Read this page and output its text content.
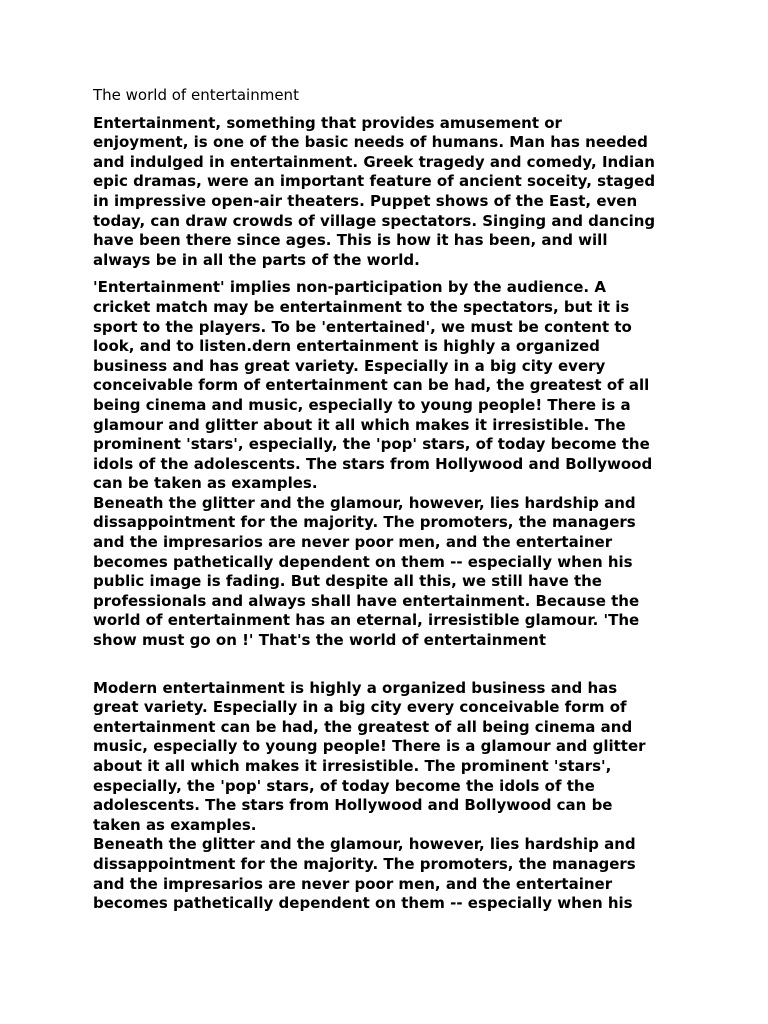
The world of entertainment

Entertainment, something that provides amusement or
enjoyment, is one of the basic needs of humans. Man has needed
and indulged in entertainment. Greek tragedy and comedy, Indian
epic dramas, were an important feature of ancient soceity, staged
in impressive open-air theaters. Puppet shows of the East, even
today, can draw crowds of village spectators. Singing and dancing
have been there since ages. This is how it has been, and will
always be in all the parts of the world.

'Entertainment' implies non-participation by the audience. A
cricket match may be entertainment to the spectators, but it is
sport to the players. To be 'entertained', we must be content to
look, and to listen.dern entertainment is highly a organized
business and has great variety. Especially in a big city every
conceivable form of entertainment can be had, the greatest of all
being cinema and music, especially to young people! There is a
glamour and glitter about it all which makes it irresistible. The
prominent 'stars', especially, the 'pop' stars, of today become the
idols of the adolescents. The stars from Hollywood and Bollywood
can be taken as examples.

Beneath the glitter and the glamour, however, lies hardship and
dissappointment for the majority. The promoters, the managers
and the impresarios are never poor men, and the entertainer
becomes pathetically dependent on them -- especially when his
public image is fading. But despite all this, we still have the
professionals and always shall have entertainment. Because the
world of entertainment has an eternal, irresistible glamour. 'The
show must go on !' That's the world of entertainment

Modern entertainment is highly a organized business and has
great variety. Especially in a big city every conceivable form of
entertainment can be had, the greatest of all being cinema and
music, especially to young people! There is a glamour and glitter
about it all which makes it irresistible. The prominent 'stars',
especially, the 'pop' stars, of today become the idols of the
adolescents. The stars from Hollywood and Bollywood can be
taken as examples.

Beneath the glitter and the glamour, however, lies hardship and
dissappointment for the majority. The promoters, the managers
and the impresarios are never poor men, and the entertainer
becomes pathetically dependent on them -- especially when his
